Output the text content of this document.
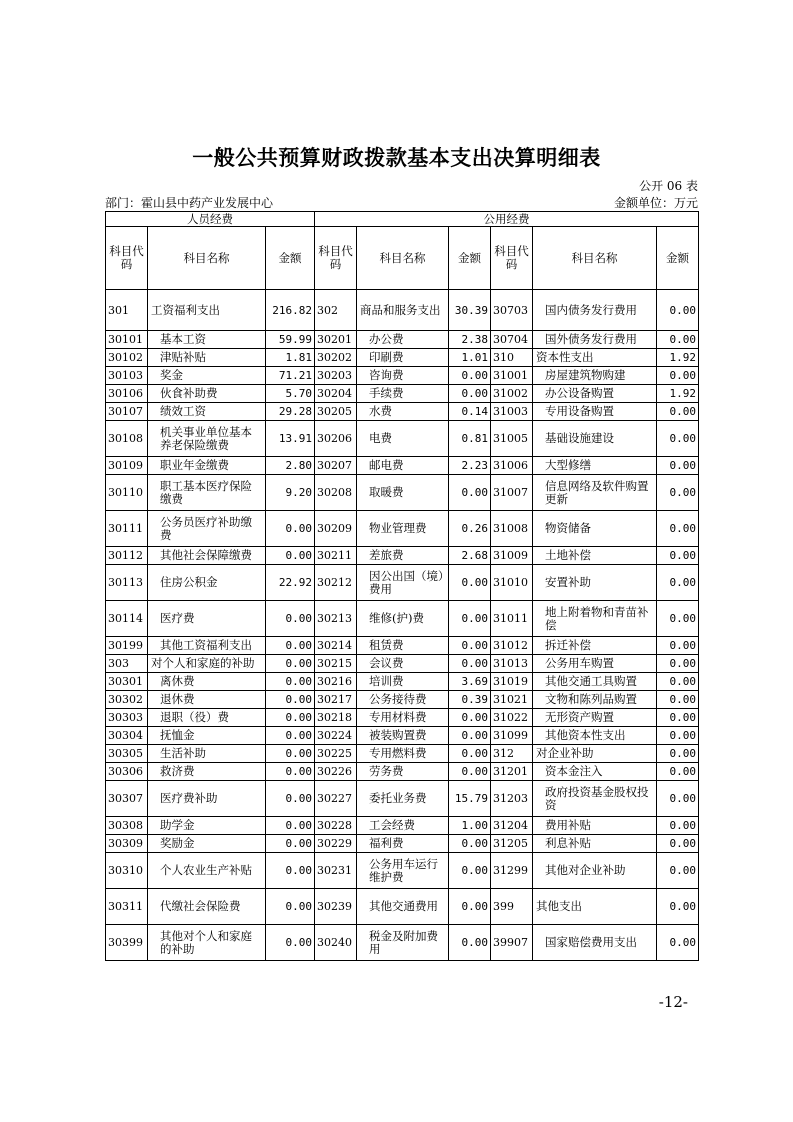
一般公共预算财政拨款基本支出决算明细表
公开 06 表
部门：霍山县中药产业发展中心	金额单位：万元
人员经费			公用经费					
科目代码	科目名称	金额	科目代码	科目名称	金额	科目代码	科目名称	金额
301	工资福利支出	216.82	302	商品和服务支出	30.39	30703	国内债务发行费用	0.00
30101	基本工资	59.99	30201	办公费	2.38	30704	国外债务发行费用	0.00
30102	津贴补贴	1.81	30202	印刷费	1.01	310	资本性支出	1.92
30103	奖金	71.21	30203	咨询费	0.00	31001	房屋建筑物购建	0.00
30106	伙食补助费	5.70	30204	手续费	0.00	31002	办公设备购置	1.92
30107	绩效工资	29.28	30205	水费	0.14	31003	专用设备购置	0.00
30108	机关事业单位基本养老保险缴费	13.91	30206	电费	0.81	31005	基础设施建设	0.00
30109	职业年金缴费	2.80	30207	邮电费	2.23	31006	大型修缮	0.00
30110	职工基本医疗保险缴费	9.20	30208	取暖费	0.00	31007	信息网络及软件购置更新	0.00
30111	公务员医疗补助缴费	0.00	30209	物业管理费	0.26	31008	物资储备	0.00
30112	其他社会保障缴费	0.00	30211	差旅费	2.68	31009	土地补偿	0.00
30113	住房公积金	22.92	30212	因公出国（境）费用	0.00	31010	安置补助	0.00
30114	医疗费	0.00	30213	维修(护)费	0.00	31011	地上附着物和青苗补偿	0.00
30199	其他工资福利支出	0.00	30214	租赁费	0.00	31012	拆迁补偿	0.00
303	对个人和家庭的补助	0.00	30215	会议费	0.00	31013	公务用车购置	0.00
30301	离休费	0.00	30216	培训费	3.69	31019	其他交通工具购置	0.00
30302	退休费	0.00	30217	公务接待费	0.39	31021	文物和陈列品购置	0.00
30303	退职（役）费	0.00	30218	专用材料费	0.00	31022	无形资产购置	0.00
30304	抚恤金	0.00	30224	被装购置费	0.00	31099	其他资本性支出	0.00
30305	生活补助	0.00	30225	专用燃料费	0.00	312	对企业补助	0.00
30306	救济费	0.00	30226	劳务费	0.00	31201	资本金注入	0.00
30307	医疗费补助	0.00	30227	委托业务费	15.79	31203	政府投资基金股权投资	0.00
30308	助学金	0.00	30228	工会经费	1.00	31204	费用补贴	0.00
30309	奖励金	0.00	30229	福利费	0.00	31205	利息补贴	0.00
30310	个人农业生产补贴	0.00	30231	公务用车运行维护费	0.00	31299	其他对企业补助	0.00
30311	代缴社会保险费	0.00	30239	其他交通费用	0.00	399	其他支出	0.00
30399	其他对个人和家庭的补助	0.00	30240	税金及附加费用	0.00	39907	国家赔偿费用支出	0.00
-12-
